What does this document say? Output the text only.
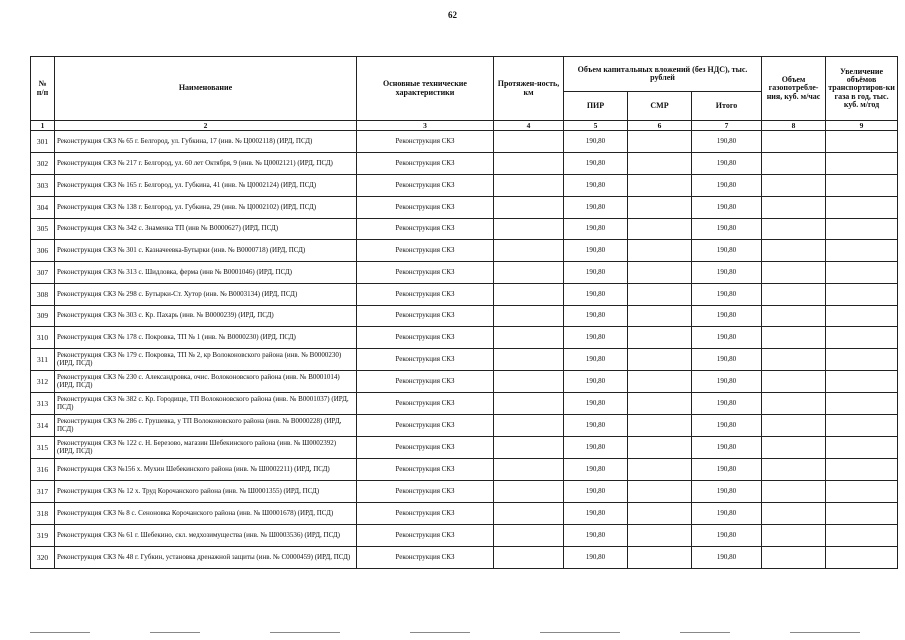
62
№
п/п	Наименование	Основные технические характеристики	Протяжен-ность, км	Объем капитальных вложений (без НДС), тыс. рублей			Объем газопотребле-ния, куб. м/час	Увеличение объёмов транспортиров-ки газа в год, тыс. куб. м/год
				ПИР	СМР	Итого		
1	2	3	4	5	6	7	8	9
301	Реконструкция СКЗ № 65 г. Белгород, ул. Губкина, 17 (инв. № Ц0002118) (ИРД, ПСД)	Реконструкция СКЗ		190,80		190,80		
302	Реконструкция СКЗ № 217 г. Белгород, ул. 60 лет Октября, 9 (инв. № Ц0002121) (ИРД, ПСД)	Реконструкция СКЗ		190,80		190,80		
303	Реконструкция СКЗ № 165 г. Белгород, ул. Губкина, 41 (инв. № Ц0002124) (ИРД, ПСД)	Реконструкция СКЗ		190,80		190,80		
304	Реконструкция СКЗ № 138 г. Белгород, ул. Губкина, 29 (инв. № Ц0002102) (ИРД, ПСД)	Реконструкция СКЗ		190,80		190,80		
305	Реконструкция СКЗ № 342 с. Знаменка ТП (инв № В0000627) (ИРД, ПСД)	Реконструкция СКЗ		190,80		190,80		
306	Реконструкция СКЗ № 301 с. Казначеевка-Бутырки (инв. № В0000718) (ИРД, ПСД)	Реконструкция СКЗ		190,80		190,80		
307	Реконструкция СКЗ № 313 с. Шидловка, ферма (инв № В0001046) (ИРД, ПСД)	Реконструкция СКЗ		190,80		190,80		
308	Реконструкция СКЗ № 298 с. Бутырки-Ст. Хутор (инв. № В0003134) (ИРД, ПСД)	Реконструкция СКЗ		190,80		190,80		
309	Реконструкция СКЗ № 303 с. Кр. Пахарь (инв. № В0000239) (ИРД, ПСД)	Реконструкция СКЗ		190,80		190,80		
310	Реконструкция СКЗ № 178 с. Покровка, ТП № 1 (инв. № В0000230) (ИРД, ПСД)	Реконструкция СКЗ		190,80		190,80		
311	Реконструкция СКЗ № 179 с. Покровка, ТП № 2, кр Волоконовского района (инв. № В0000230) (ИРД, ПСД)	Реконструкция СКЗ		190,80		190,80		
312	Реконструкция СКЗ № 230 с. Александровка, очис. Волоконовского района (инв. № В0001014) (ИРД, ПСД)	Реконструкция СКЗ		190,80		190,80		
313	Реконструкция СКЗ № 382 с. Кр. Городище, ТП Волоконовского района (инв. № В0001037) (ИРД, ПСД)	Реконструкция СКЗ		190,80		190,80		
314	Реконструкция СКЗ № 286 с. Грушевка, у ТП Волоконовского района (инв. № В0000228) (ИРД, ПСД)	Реконструкция СКЗ		190,80		190,80		
315	Реконструкция СКЗ № 122 с. Н. Березово, магазин Шебекинского района (инв. № Ш0002392) (ИРД, ПСД)	Реконструкция СКЗ		190,80		190,80		
316	Реконструкция СКЗ №156 х. Мухин Шебекинского района (инв. № Ш0002211) (ИРД, ПСД)	Реконструкция СКЗ		190,80		190,80		
317	Реконструкция СКЗ № 12 х. Труд Корочанского района (инв. № Ш0001355) (ИРД, ПСД)	Реконструкция СКЗ		190,80		190,80		
318	Реконструкция СКЗ № 8 с. Сеноновка Корочанского района (инв. № Ш0001678) (ИРД, ПСД)	Реконструкция СКЗ		190,80		190,80		
319	Реконструкция СКЗ № 61 г. Шебекино, скл. медхозимущества (инв. № Ш0003536) (ИРД, ПСД)	Реконструкция СКЗ		190,80		190,80		
320	Реконструкция СКЗ № 48 г. Губкин, установка дренажной защиты (инв. № С0000459) (ИРД, ПСД)	Реконструкция СКЗ		190,80		190,80		
